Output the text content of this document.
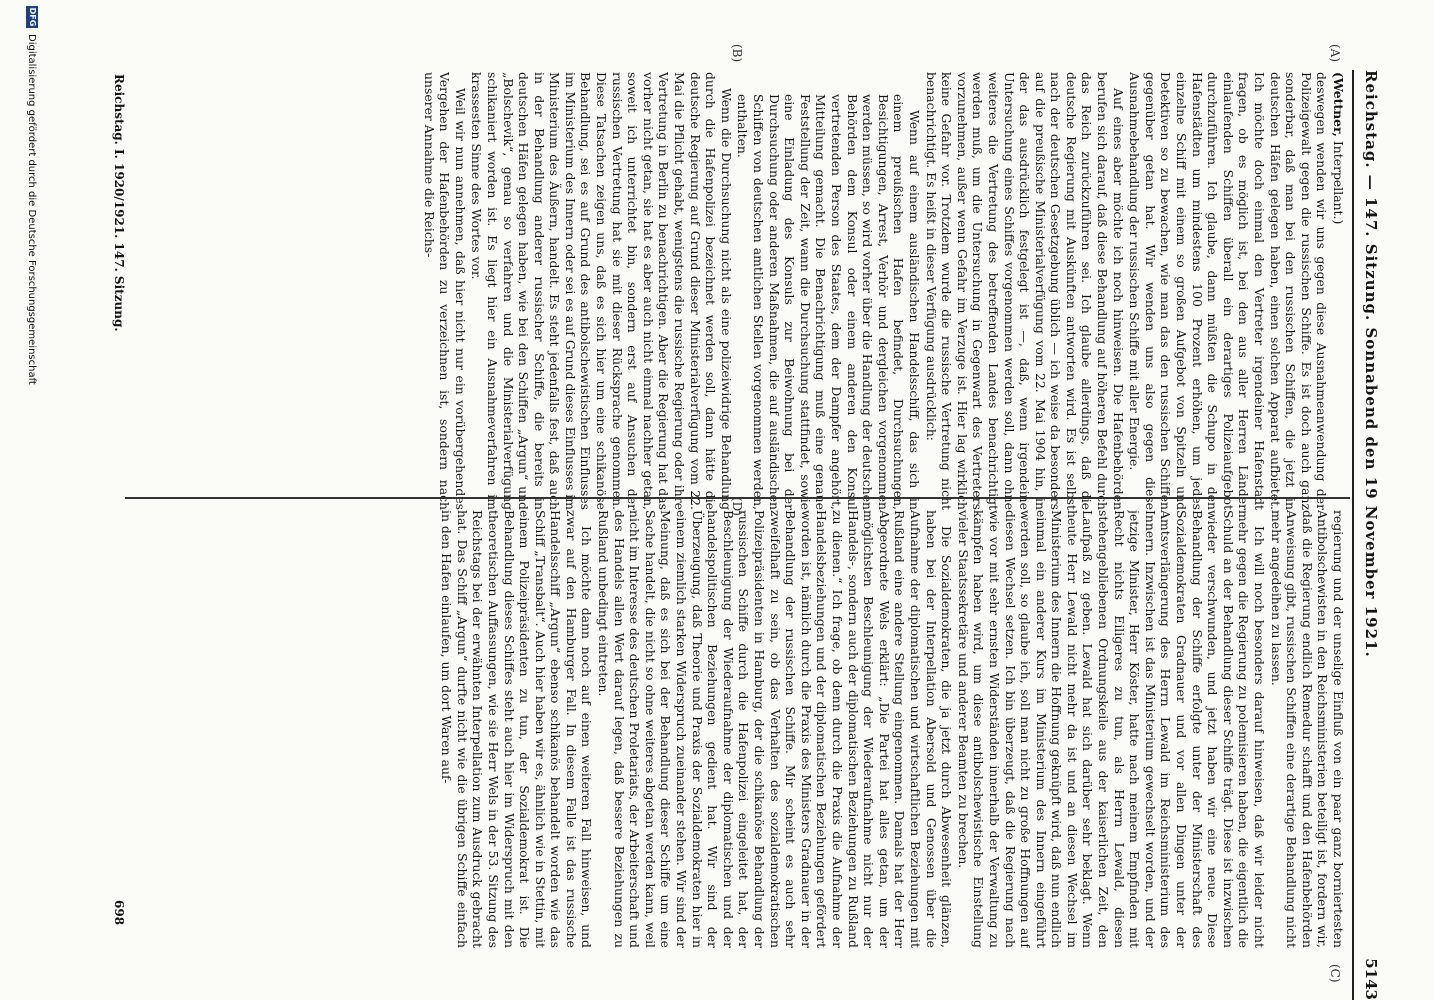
Reichstag. — 147. Sitzung. Sonnabend den 19 November 1921.
5143
(A)
(B)
(C)
(D)

(Wettner, Interpellant.)

deswegen wenden wir uns gegen diese Ausnahmeanwendung der Polizeigewalt gegen die russischen Schiffe. Es ist doch auch ganz sonderbar, daß man bei den russischen Schiffen, die jetzt in deutschen Häfen gelegen haben, einen solchen Apparat aufbietet. Ich möchte doch einmal den Vertreter irgendeiner Hafenstadt fragen, ob es möglich ist, bei den aus aller Herren Länder einlaufenden Schiffen überall ein derartiges Polizeiaufgebot durchzuführen. Ich glaube, dann müßten die Schupo in den Hafenstädten um mindestens 100 Prozent erhöhen, um jedes einzelne Schiff mit einem so großen Aufgebot von Spitzeln und Detektiven so zu bewachen, wie man das den russischen Schiffen gegenüber getan hat. Wir wenden uns also gegen diese Ausnahmebehandlung der russischen Schiffe mit aller Energie.

Auf eines aber möchte ich noch hinweisen. Die Hafenbehörden berufen sich darauf, daß diese Behandlung auf höheren Befehl durch das Reich zurückzuführen sei. Ich glaube allerdings, daß die deutsche Regierung mit Auskünften antworten wird. Es ist selbst nach der deutschen Gesetzgebung üblich — ich weise da besonders auf die preußische Ministerialverfügung vom 22. Mai 1904 hin, in der das ausdrücklich festgelegt ist —, daß, wenn irgendeine Untersuchung eines Schiffes vorgenommen werden soll, dann ohne weiteres die Vertretung des betreffenden Landes benachrichtigt werden muß, um die Untersuchung in Gegenwart des Vertreters vorzunehmen, außer wenn Gefahr im Verzuge ist. Hier lag wirklich keine Gefahr vor. Trotzdem wurde die russische Vertretung nicht benachrichtigt. Es heißt in dieser Verfügung ausdrücklich:

Wenn auf einem ausländischen Handelsschiff, das sich in einem preußischen Hafen befindet, Durchsuchungen, Besichtigungen, Arrest, Verhör und dergleichen vorgenommen werden müssen, so wird vorher über die Handlung der deutschen Behörden dem Konsul oder einem anderen den Konsul vertretenden Person des Staates, dem der Dampfer angehört, Mitteilung gemacht. Die Benachrichtigung muß eine genaue Feststellung der Zeit, wann die Durchsuchung stattfindet, sowie eine Einladung des Konsuls zur Beiwohnung bei der Durchsuchung oder anderen Maßnahmen, die auf ausländischen Schiffen von deutschen amtlichen Stellen vorgenommen werden, enthalten.

Wenn die Durchsuchung nicht als eine polizeiwidrige Behandlung durch die Hafenpolizei bezeichnet werden soll, dann hätte die deutsche Regierung auf Grund dieser Ministerialverfügung vom 22. Mai die Pflicht gehabt, wenigstens die russische Regierung oder ihre Vertretung in Berlin zu benachrichtigen. Aber die Regierung hat das vorher nicht getan, sie hat es aber auch nicht einmal nachher getan, soweit ich unterrichtet bin, sondern erst auf Ansuchen der russischen Vertretung hat sie mit dieser Rücksprache genommen. Diese Tatsachen zeigen uns, daß es sich hier um eine schikanöse Behandlung, sei es auf Grund des antibolschewistischen Einflusses im Ministerium des Innern oder sei es auf Grund dieses Einflusses im Ministerium des Äußern, handelt. Es steht jedenfalls fest, daß auch in der Behandlung anderer russischer Schiffe, die bereits in deutschen Häfen gelegen haben, wie bei den Schiffen „Argun“ und „Bolschevik“, genau so verfahren und die Ministerialverfügung schikaniert worden ist. Es liegt hier ein Ausnahmeverfahren im krassesten Sinne des Wortes vor.

Weil wir nun annehmen, daß hier nicht nur ein vorübergehendes Vergehen der Hafenbehörden zu verzeichnen ist, sondern nach unserer Annahme die Reichs-

regierung und der unselige Einfluß von ein paar ganz borniertesten Antibolschewisten in den Reichsministerien beteiligt ist, fordern wir, daß die Regierung endlich Remedur schafft und den Hafenbehörden Anweisung gibt, russischen Schiffen eine derartige Behandlung nicht mehr angedeihen zu lassen.

Ich will noch besonders darauf hinweisen, daß wir leider nicht mehr gegen die Regierung zu polemisieren haben, die eigentlich die Schuld an der Behandlung dieser Schiffe trägt. Diese ist inzwischen wieder verschwunden, und jetzt haben wir eine neue. Diese Behandlung der Schiffe erfolgte unter der Ministerschaft des Sozialdemokraten Gradnauer und vor allen Dingen unter der Amtsverlängerung des Herrn Lewald im Reichsministerium des Innern. Inzwischen ist das Ministerium gewechselt worden, und der jetzige Minister, Herr Köster, hatte nach meinem Empfinden mit Recht nichts Eiligeres zu tun, als Herrn Lewald, diesen stehengebliebenen Ordnungskeile aus der kaiserlichen Zeit, den Laufpaß zu geben. Lewald hat sich darüber sehr beklagt. Wenn heute Herr Lewald nicht mehr da ist und an diesen Wechsel im Ministerium des Innern die Hoffnung geknüpft wird, daß nun endlich einmal ein anderer Kurs im Ministerium des Innern eingeführt werden soll, so glaube ich, soll man nicht zu große Hoffnungen auf diesen Wechsel setzen. Ich bin überzeugt, daß die Regierung nach wie vor mit sehr ernsten Widerständen innerhalb der Verwaltung zu kämpfen haben wird, um diese antibolschewistische Einstellung vieler Staatssekretäre und anderer Beamten zu brechen.

Die Sozialdemokraten, die ja jetzt durch Abwesenheit glänzen, haben bei der Interpellation Abersold und Genossen über die Aufnahme der diplomatischen und wirtschaftlichen Beziehungen mit Rußland eine andere Stellung eingenommen. Damals hat der Herr Abgeordnete Wels erklärt: „Die Partei hat alles getan, um der möglichsten Beschleunigung der Wiederaufnahme nicht nur der Handels-, sondern auch der diplomatischen Beziehungen zu Rußland zu dienen.“ Ich frage, ob denn durch die Praxis die Aufnahme der Handelsbeziehungen und der diplomatischen Beziehungen gefördert worden ist, nämlich durch die Praxis des Ministers Gradnauer in der Behandlung der russischen Schiffe. Mir scheint es auch sehr zweifelhaft zu sein, ob das Verhalten des sozialdemokratischen Polizeipräsidenten in Hamburg, der die schikanöse Behandlung der russischen Schiffe durch die Hafenpolizei eingeleitet hat, der Beschleunigung der Wiederaufnahme der diplomatischen und der handelspolitischen Beziehungen gedient hat. Wir sind der Überzeugung, daß Theorie und Praxis der Sozialdemokraten hier in einem ziemlich starken Widerspruch zueinander stehen. Wir sind der Meinung, daß es sich bei der Behandlung dieser Schiffe um eine Sache handelt, die nicht so ohne weiteres abgetan werden kann, weil nicht im Interesse des deutschen Proletariats, der Arbeiterschaft und des Handels allen Wert darauf legen, daß bessere Beziehungen zu Rußland unbedingt eintreten.

Ich möchte dann noch auf einen weiteren Fall hinweisen, und zwar auf den Hamburger Fall. In diesem Falle ist das russische Handelsschiff „Argun“ ebenso schikanös behandelt worden wie das Schiff „Transbalt“. Auch hier haben wir es, ähnlich wie in Stettin, mit einem Polizeipräsidenten zu tun, der Sozialdemokrat ist. Die Behandlung dieses Schiffes steht auch hier im Widerspruch mit den theoretischen Auffassungen, wie sie Herr Wels in der 53. Sitzung des Reichstags bei der erwähnten Interpellation zum Ausdruck gebracht hat. Das Schiff „Argun“ durfte nicht wie die übrigen Schiffe einfach in den Hafen einlaufen, um dort Waren auf-

Reichstag. I. 1920/1921. 147. Sitzung.
698
DFG
Digitalisierung gefördert durch die Deutsche Forschungsgemeinschaft
